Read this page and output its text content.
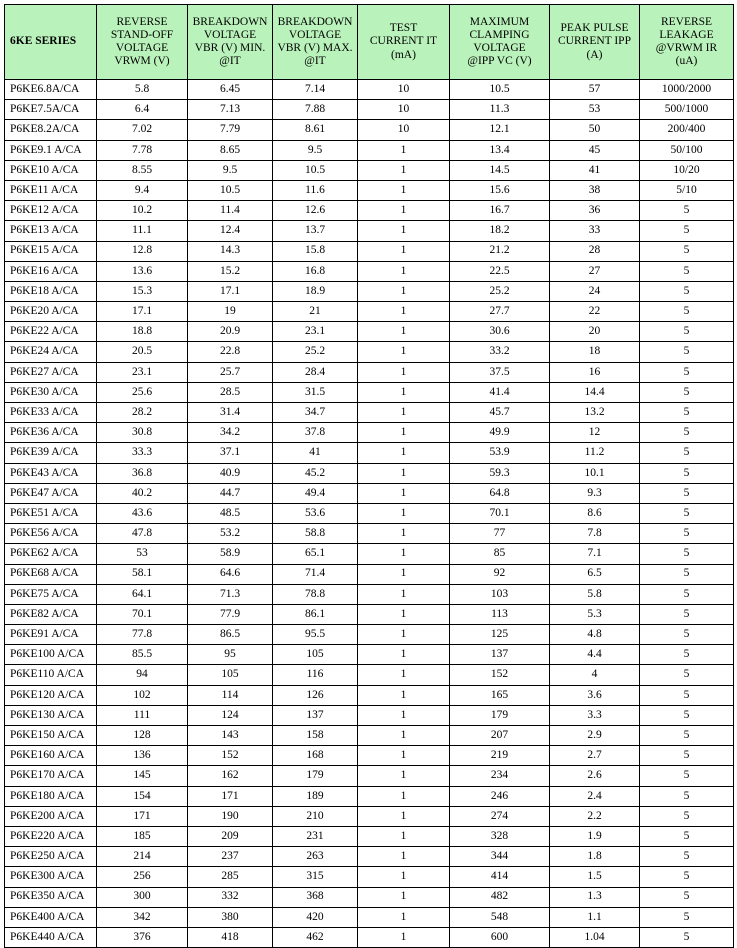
6KE SERIES	REVERSE
STAND-OFF
VOLTAGE
VRWM (V)	BREAKDOWN
VOLTAGE
VBR (V) MIN.
@IT	BREAKDOWN
VOLTAGE
VBR (V) MAX.
@IT	TEST
CURRENT IT
(mA)	MAXIMUM
CLAMPING
VOLTAGE
@IPP VC (V)	PEAK PULSE
CURRENT IPP
(A)	REVERSE
LEAKAGE
@VRWM IR
(uA)

P6KE6.8A/CA	5.8	6.45	7.14	10	10.5	57	1000/2000
P6KE7.5A/CA	6.4	7.13	7.88	10	11.3	53	500/1000
P6KE8.2A/CA	7.02	7.79	8.61	10	12.1	50	200/400
P6KE9.1 A/CA	7.78	8.65	9.5	1	13.4	45	50/100
P6KE10 A/CA	8.55	9.5	10.5	1	14.5	41	10/20
P6KE11 A/CA	9.4	10.5	11.6	1	15.6	38	5/10
P6KE12 A/CA	10.2	11.4	12.6	1	16.7	36	5
P6KE13 A/CA	11.1	12.4	13.7	1	18.2	33	5
P6KE15 A/CA	12.8	14.3	15.8	1	21.2	28	5
P6KE16 A/CA	13.6	15.2	16.8	1	22.5	27	5
P6KE18 A/CA	15.3	17.1	18.9	1	25.2	24	5
P6KE20 A/CA	17.1	19	21	1	27.7	22	5
P6KE22 A/CA	18.8	20.9	23.1	1	30.6	20	5
P6KE24 A/CA	20.5	22.8	25.2	1	33.2	18	5
P6KE27 A/CA	23.1	25.7	28.4	1	37.5	16	5
P6KE30 A/CA	25.6	28.5	31.5	1	41.4	14.4	5
P6KE33 A/CA	28.2	31.4	34.7	1	45.7	13.2	5
P6KE36 A/CA	30.8	34.2	37.8	1	49.9	12	5
P6KE39 A/CA	33.3	37.1	41	1	53.9	11.2	5
P6KE43 A/CA	36.8	40.9	45.2	1	59.3	10.1	5
P6KE47 A/CA	40.2	44.7	49.4	1	64.8	9.3	5
P6KE51 A/CA	43.6	48.5	53.6	1	70.1	8.6	5
P6KE56 A/CA	47.8	53.2	58.8	1	77	7.8	5
P6KE62 A/CA	53	58.9	65.1	1	85	7.1	5
P6KE68 A/CA	58.1	64.6	71.4	1	92	6.5	5
P6KE75 A/CA	64.1	71.3	78.8	1	103	5.8	5
P6KE82 A/CA	70.1	77.9	86.1	1	113	5.3	5
P6KE91 A/CA	77.8	86.5	95.5	1	125	4.8	5
P6KE100 A/CA	85.5	95	105	1	137	4.4	5
P6KE110 A/CA	94	105	116	1	152	4	5
P6KE120 A/CA	102	114	126	1	165	3.6	5
P6KE130 A/CA	111	124	137	1	179	3.3	5
P6KE150 A/CA	128	143	158	1	207	2.9	5
P6KE160 A/CA	136	152	168	1	219	2.7	5
P6KE170 A/CA	145	162	179	1	234	2.6	5
P6KE180 A/CA	154	171	189	1	246	2.4	5
P6KE200 A/CA	171	190	210	1	274	2.2	5
P6KE220 A/CA	185	209	231	1	328	1.9	5
P6KE250 A/CA	214	237	263	1	344	1.8	5
P6KE300 A/CA	256	285	315	1	414	1.5	5
P6KE350 A/CA	300	332	368	1	482	1.3	5
P6KE400 A/CA	342	380	420	1	548	1.1	5
P6KE440 A/CA	376	418	462	1	600	1.04	5
